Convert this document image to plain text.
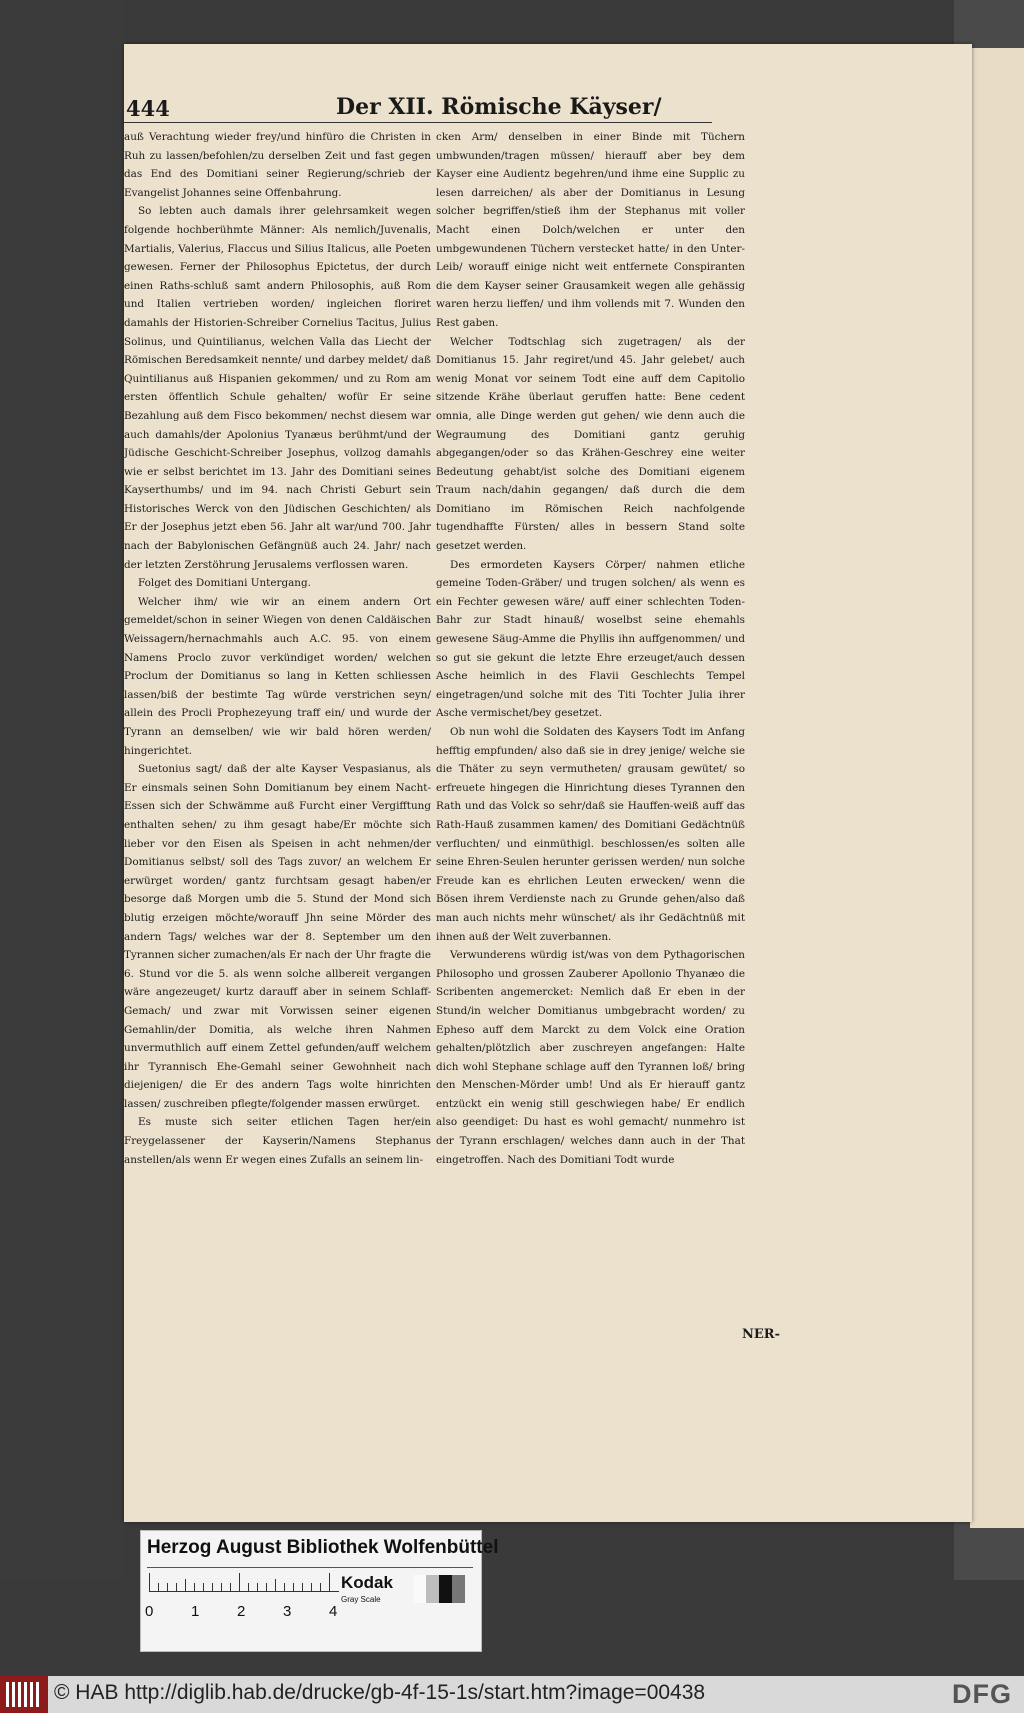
444	Der XII. Römische Käyser/

auß Verachtung wieder frey/und hinfüro die Christen in Ruh zu lassen/befohlen/zu derselben Zeit und fast gegen das End des Domitiani seiner Regierung/schrieb der Evangelist Johannes seine Offenbahrung.

So lebten auch damals ihrer gelehrsamkeit wegen folgende hochberühmte Männer: Als nemlich/Juvenalis, Martialis, Valerius, Flaccus und Silius Italicus, alle Poeten gewesen. Ferner der Philosophus Epictetus, der durch einen Raths-schluß samt andern Philosophis, auß Rom und Italien vertrieben worden/ ingleichen floriret damahls der Historien-Schreiber Cornelius Tacitus, Julius Solinus, und Quintilianus, welchen Valla das Liecht der Römischen Beredsamkeit nennte/ und darbey meldet/ daß Quintilianus auß Hispanien gekommen/ und zu Rom am ersten öffentlich Schule gehalten/ wofür Er seine Bezahlung auß dem Fisco bekommen/ nechst diesem war auch damahls/der Apolonius Tyanæus berühmt/und der Jüdische Geschicht-Schreiber Josephus, vollzog damahls wie er selbst berichtet im 13. Jahr des Domitiani seines Kayserthumbs/ und im 94. nach Christi Geburt sein Historisches Werck von den Jüdischen Geschichten/ als Er der Josephus jetzt eben 56. Jahr alt war/und 700. Jahr nach der Babylonischen Gefängnüß auch 24. Jahr/ nach der letzten Zerstöhrung Jerusalems verflossen waren.

Folget des Domitiani Untergang.

Welcher ihm/ wie wir an einem andern Ort gemeldet/schon in seiner Wiegen von denen Caldäischen Weissagern/hernachmahls auch A.C. 95. von einem Namens Proclo zuvor verkündiget worden/ welchen Proclum der Domitianus so lang in Ketten schliessen lassen/biß der bestimte Tag würde verstrichen seyn/ allein des Procli Prophezeyung traff ein/ und wurde der Tyrann an demselben/ wie wir bald hören werden/ hingerichtet.

Suetonius sagt/ daß der alte Kayser Vespasianus, als Er einsmals seinen Sohn Domitianum bey einem Nacht-Essen sich der Schwämme auß Furcht einer Vergifftung enthalten sehen/ zu ihm gesagt habe/Er möchte sich lieber vor den Eisen als Speisen in acht nehmen/der Domitianus selbst/ soll des Tags zuvor/ an welchem Er erwürget worden/ gantz furchtsam gesagt haben/er besorge daß Morgen umb die 5. Stund der Mond sich blutig erzeigen möchte/worauff Jhn seine Mörder des andern Tags/ welches war der 8. September um den Tyrannen sicher zumachen/als Er nach der Uhr fragte die 6. Stund vor die 5. als wenn solche allbereit vergangen wäre angezeuget/ kurtz darauff aber in seinem Schlaff-Gemach/ und zwar mit Vorwissen seiner eigenen Gemahlin/der Domitia, als welche ihren Nahmen unvermuthlich auff einem Zettel gefunden/auff welchem ihr Tyrannisch Ehe-Gemahl seiner Gewohnheit nach diejenigen/ die Er des andern Tags wolte hinrichten lassen/ zuschreiben pflegte/folgender massen erwürget.

Es muste sich seiter etlichen Tagen her/ein Freygelassener der Kayserin/Namens Stephanus anstellen/als wenn Er wegen eines Zufalls an seinem lin-

cken Arm/ denselben in einer Binde mit Tüchern umbwunden/tragen müssen/ hierauff aber bey dem Kayser eine Audientz begehren/und ihme eine Supplic zu lesen darreichen/ als aber der Domitianus in Lesung solcher begriffen/stieß ihm der Stephanus mit voller Macht einen Dolch/welchen er unter den umbgewundenen Tüchern verstecket hatte/ in den Unter-Leib/ worauff einige nicht weit entfernete Conspiranten die dem Kayser seiner Grausamkeit wegen alle gehässig waren herzu lieffen/ und ihm vollends mit 7. Wunden den Rest gaben.

Welcher Todtschlag sich zugetragen/ als der Domitianus 15. Jahr regiret/und 45. Jahr gelebet/ auch wenig Monat vor seinem Todt eine auff dem Capitolio sitzende Krähe überlaut geruffen hatte: Bene cedent omnia, alle Dinge werden gut gehen/ wie denn auch die Wegraumung des Domitiani gantz geruhig abgegangen/oder so das Krähen-Geschrey eine weiter Bedeutung gehabt/ist solche des Domitiani eigenem Traum nach/dahin gegangen/ daß durch die dem Domitiano im Römischen Reich nachfolgende tugendhaffte Fürsten/ alles in bessern Stand solte gesetzet werden.

Des ermordeten Kaysers Cörper/ nahmen etliche gemeine Toden-Gräber/ und trugen solchen/ als wenn es ein Fechter gewesen wäre/ auff einer schlechten Toden-Bahr zur Stadt hinauß/ woselbst seine ehemahls gewesene Säug-Amme die Phyllis ihn auffgenommen/ und so gut sie gekunt die letzte Ehre erzeuget/auch dessen Asche heimlich in des Flavii Geschlechts Tempel eingetragen/und solche mit des Titi Tochter Julia ihrer Asche vermischet/bey gesetzet.

Ob nun wohl die Soldaten des Kaysers Todt im Anfang hefftig empfunden/ also daß sie in drey jenige/ welche sie die Thäter zu seyn vermutheten/ grausam gewütet/ so erfreuete hingegen die Hinrichtung dieses Tyrannen den Rath und das Volck so sehr/daß sie Hauffen-weiß auff das Rath-Hauß zusammen kamen/ des Domitiani Gedächtnüß verfluchten/ und einmüthigl. beschlossen/es solten alle seine Ehren-Seulen herunter gerissen werden/ nun solche Freude kan es ehrlichen Leuten erwecken/ wenn die Bösen ihrem Verdienste nach zu Grunde gehen/also daß man auch nichts mehr wünschet/ als ihr Gedächtnüß mit ihnen auß der Welt zuverbannen.

Verwunderens würdig ist/was von dem Pythagorischen Philosopho und grossen Zauberer Apollonio Thyanæo die Scribenten angemercket: Nemlich daß Er eben in der Stund/in welcher Domitianus umbgebracht worden/ zu Epheso auff dem Marckt zu dem Volck eine Oration gehalten/plötzlich aber zuschreyen angefangen: Halte dich wohl Stephane schlage auff den Tyrannen loß/ bring den Menschen-Mörder umb! Und als Er hierauff gantz entzückt ein wenig still geschwiegen habe/ Er endlich also geendiget: Du hast es wohl gemacht/ nunmehro ist der Tyrann erschlagen/ welches dann auch in der That eingetroffen. Nach des Domitiani Todt wurde

NER-
Herzog August Bibliothek Wolfenbüttel
0	1	2	3	4
Kodak
Gray Scale
© HAB http://diglib.hab.de/drucke/gb-4f-15-1s/start.htm?image=00438	DFG
